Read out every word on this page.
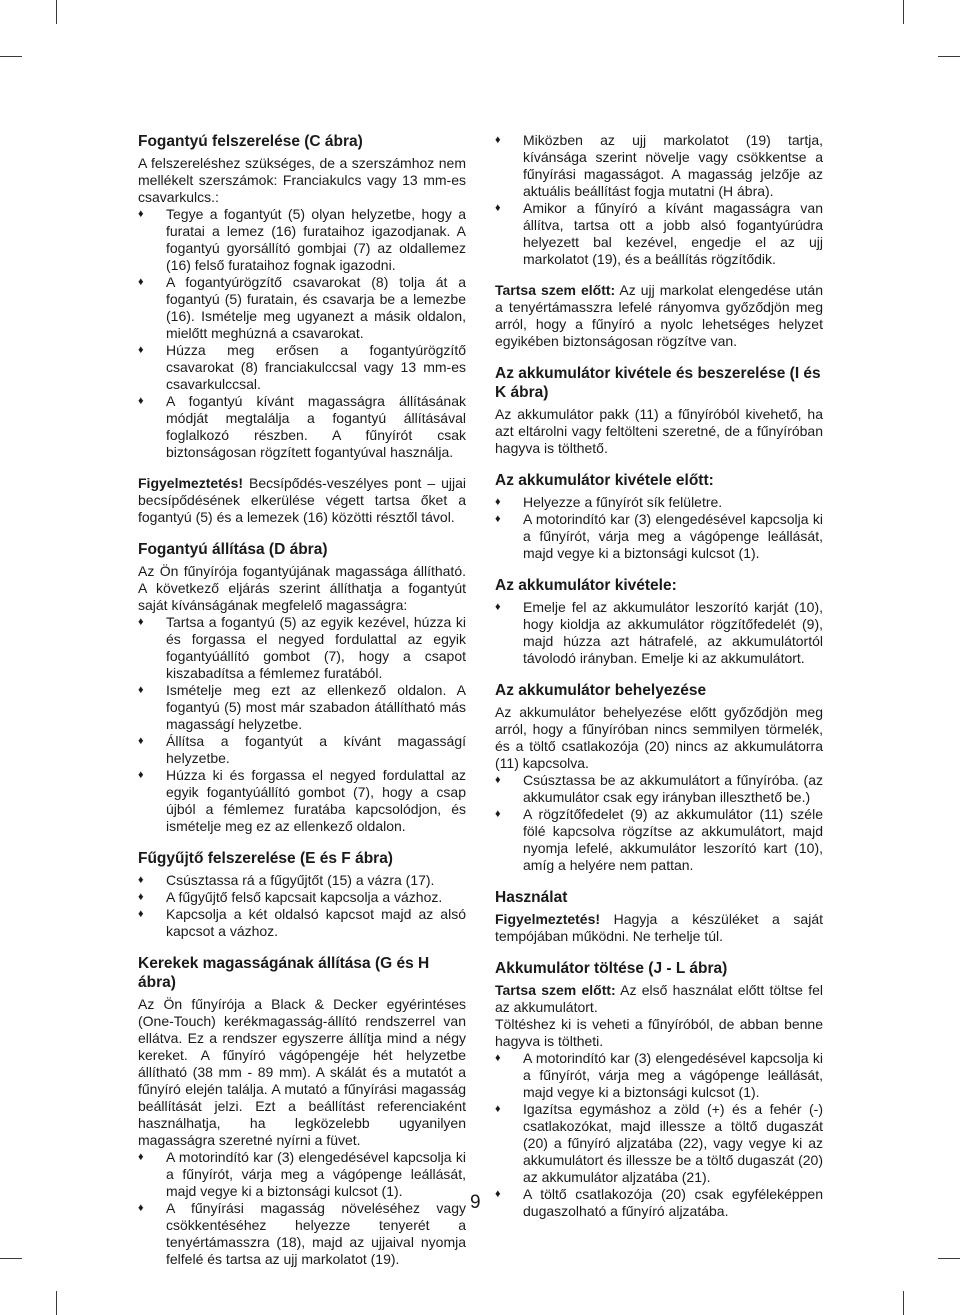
Fogantyú felszerelése (C ábra)

A felszereléshez szükséges, de a szerszámhoz nem mellékelt szerszámok: Franciakulcs vagy 13 mm-es csavarkulcs.:

♦ Tegye a fogantyút (5) olyan helyzetbe, hogy a furatai a lemez (16) furataihoz igazodjanak. A fogantyú gyorsállító gombjai (7) az oldallemez (16) felső furataihoz fognak igazodni.
♦ A fogantyúrögzítő csavarokat (8) tolja át a fogantyú (5) furatain, és csavarja be a lemezbe (16). Ismételje meg ugyanezt a másik oldalon, mielőtt meghúzná a csavarokat.
♦ Húzza meg erősen a fogantyúrögzítő csavarokat (8) franciakulccsal vagy 13 mm-es csavarkulccsal.
♦ A fogantyú kívánt magasságra állításának módját megtalálja a fogantyú állításával foglalkozó részben. A fűnyírót csak biztonságosan rögzített fogantyúval használja.

Figyelmeztetés! Becsípődés-veszélyes pont – ujjai becsípődésének elkerülése végett tartsa őket a fogantyú (5) és a lemezek (16) közötti résztől távol.

Fogantyú állítása (D ábra)

Az Ön fűnyírója fogantyújának magassága állítható. A következő eljárás szerint állíthatja a fogantyút saját kívánságának megfelelő magasságra:

♦ Tartsa a fogantyú (5) az egyik kezével, húzza ki és forgassa el negyed fordulattal az egyik fogantyúállító gombot (7), hogy a csapot kiszabadítsa a fémlemez furatából.
♦ Ismételje meg ezt az ellenkező oldalon. A fogantyú (5) most már szabadon átállítható más magasságí helyzetbe.
♦ Állítsa a fogantyút a kívánt magasságí helyzetbe.
♦ Húzza ki és forgassa el negyed fordulattal az egyik fogantyúállító gombot (7), hogy a csap újból a fémlemez furatába kapcsolódjon, és ismételje meg ez az ellenkező oldalon.
Fűgyűjtő felszerelése (E és F ábra)
♦ Csúsztassa rá a fűgyűjtőt (15) a vázra (17).
♦ A fűgyűjtő felső kapcsait kapcsolja a vázhoz.
♦ Kapcsolja a két oldalsó kapcsot majd az alsó kapcsot a vázhoz.
Kerekek magasságának állítása (G és H ábra)

Az Ön fűnyírója a Black & Decker egyérintéses (One-Touch) kerékmagasság-állító rendszerrel van ellátva. Ez a rendszer egyszerre állítja mind a négy kereket. A fűnyíró vágópengéje hét helyzetbe állítható (38 mm - 89 mm). A skálát és a mutatót a fűnyíró elején találja. A mutató a fűnyírási magasság beállítását jelzi. Ezt a beállítást referenciaként használhatja, ha legközelebb ugyanilyen magasságra szeretné nyírni a füvet.

♦ A motorindító kar (3) elengedésével kapcsolja ki a fűnyírót, várja meg a vágópenge leállását, majd vegye ki a biztonsági kulcsot (1).
♦ A fűnyírási magasság növeléséhez vagy csökkentéséhez helyezze tenyerét a tenyértámasszra (18), majd az ujjaival nyomja felfelé és tartsa az ujj markolatot (19).
♦ Miközben az ujj markolatot (19) tartja, kívánsága szerint növelje vagy csökkentse a fűnyírási magasságot. A magasság jelzője az aktuális beállítást fogja mutatni (H ábra).
♦ Amikor a fűnyíró a kívánt magasságra van állítva, tartsa ott a jobb alsó fogantyúrúdra helyezett bal kezével, engedje el az ujj markolatot (19), és a beállítás rögzítődik.

Tartsa szem előtt: Az ujj markolat elengedése után a tenyértámasszra lefelé rányomva győződjön meg arról, hogy a fűnyíró a nyolc lehetséges helyzet egyikében biztonságosan rögzítve van.

Az akkumulátor kivétele és beszerelése (I és K ábra)

Az akkumulátor pakk (11) a fűnyíróból kivehető, ha azt eltárolni vagy feltölteni szeretné, de a fűnyíróban hagyva is tölthető.

Az akkumulátor kivétele előtt:
♦ Helyezze a fűnyírót sík felületre.
♦ A motorindító kar (3) elengedésével kapcsolja ki a fűnyírót, várja meg a vágópenge leállását, majd vegye ki a biztonsági kulcsot (1).
Az akkumulátor kivétele:
♦ Emelje fel az akkumulátor leszorító karját (10), hogy kioldja az akkumulátor rögzítőfedelét (9), majd húzza azt hátrafelé, az akkumulátortól távolodó irányban. Emelje ki az akkumulátort.
Az akkumulátor behelyezése

Az akkumulátor behelyezése előtt győződjön meg arról, hogy a fűnyíróban nincs semmilyen törmelék, és a töltő csatlakozója (20) nincs az akkumulátorra (11) kapcsolva.

♦ Csúsztassa be az akkumulátort a fűnyíróba. (az akkumulátor csak egy irányban illeszthető be.)
♦ A rögzítőfedelet (9) az akkumulátor (11) széle fölé kapcsolva rögzítse az akkumulátort, majd nyomja lefelé, akkumulátor leszorító kart (10), amíg a helyére nem pattan.
Használat

Figyelmeztetés! Hagyja a készüléket a saját tempójában működni. Ne terhelje túl.

Akkumulátor töltése (J - L ábra)

Tartsa szem előtt: Az első használat előtt töltse fel az akkumulátort.

Töltéshez ki is veheti a fűnyíróból, de abban benne hagyva is töltheti.

♦ A motorindító kar (3) elengedésével kapcsolja ki a fűnyírót, várja meg a vágópenge leállását, majd vegye ki a biztonsági kulcsot (1).
♦ Igazítsa egymáshoz a zöld (+) és a fehér (-) csatlakozókat, majd illessze a töltő dugaszát (20) a fűnyíró aljzatába (22), vagy vegye ki az akkumulátort és illessze be a töltő dugaszát (20) az akkumulátor aljzatába (21).
♦ A töltő csatlakozója (20) csak egyféleképpen dugaszolható a fűnyíró aljzatába.
9
